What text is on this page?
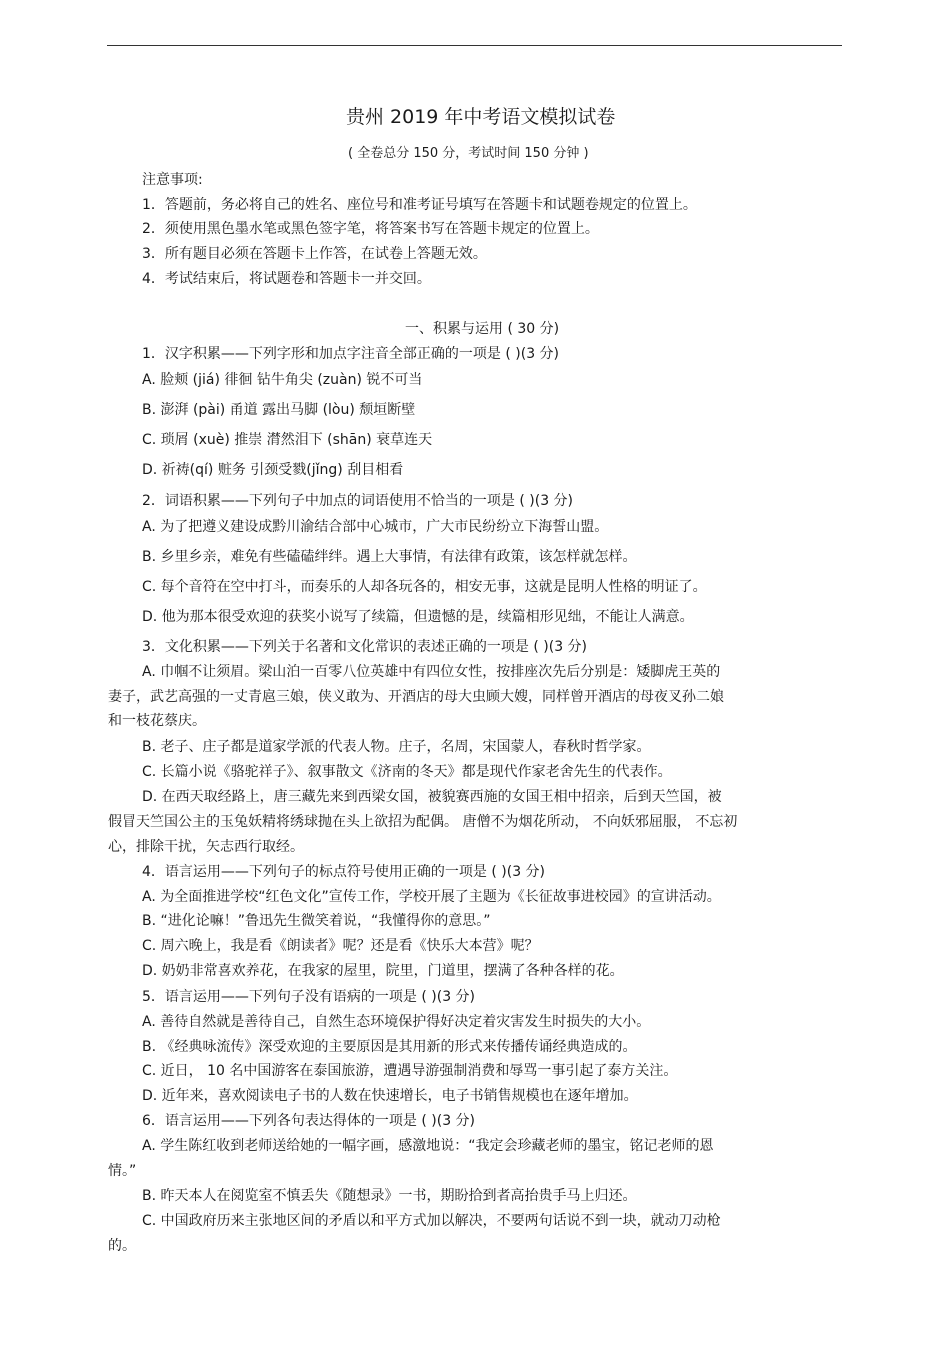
贵州 2019 年中考语文模拟试卷
( 全卷总分 150 分，考试时间 150 分钟 )
注意事项:
1．答题前，务必将自己的姓名、座位号和准考证号填写在答题卡和试题卷规定的位置上。
2．须使用黑色墨水笔或黑色签字笔，将答案书写在答题卡规定的位置上。
3．所有题目必须在答题卡上作答，在试卷上答题无效。
4．考试结束后，将试题卷和答题卡一并交回。
一、积累与运用 ( 30 分)
1．汉字积累——下列字形和加点字注音全部正确的一项是 ( )(3 分)
A. 脸颊 (jiá) 徘徊 钻牛角尖 (zuàn) 锐不可当
B. 澎湃 (pài) 甬道 露出马脚 (lòu) 颓垣断壁
C. 琐屑 (xuè) 推崇 潸然泪下 (shān) 衰草连天
D. 祈祷(qí) 赃务 引颈受戮(jǐng) 刮目相看
2．词语积累——下列句子中加点的词语使用不恰当的一项是 ( )(3 分)
A. 为了把遵义建设成黔川渝结合部中心城市，广大市民纷纷立下海誓山盟。
B. 乡里乡亲，难免有些磕磕绊绊。遇上大事情，有法律有政策，该怎样就怎样。
C. 每个音符在空中打斗，而奏乐的人却各玩各的，相安无事，这就是昆明人性格的明证了。
D. 他为那本很受欢迎的获奖小说写了续篇，但遗憾的是，续篇相形见绌，不能让人满意。
3．文化积累——下列关于名著和文化常识的表述正确的一项是 ( )(3 分)
A. 巾帼不让须眉。梁山泊一百零八位英雄中有四位女性，按排座次先后分别是：矮脚虎王英的
妻子，武艺高强的一丈青扈三娘，侠义敢为、开酒店的母大虫顾大嫂，同样曾开酒店的母夜叉孙二娘
和一枝花蔡庆。
B. 老子、庄子都是道家学派的代表人物。庄子，名周，宋国蒙人，春秋时哲学家。
C. 长篇小说《骆驼祥子》、叙事散文《济南的冬天》都是现代作家老舍先生的代表作。
D. 在西天取经路上，唐三藏先来到西梁女国，被貌赛西施的女国王相中招亲，后到天竺国，被
假冒天竺国公主的玉兔妖精将绣球抛在头上欲招为配偶。 唐僧不为烟花所动， 不向妖邪屈服， 不忘初
心，排除干扰，矢志西行取经。
4．语言运用——下列句子的标点符号使用正确的一项是 ( )(3 分)
A. 为全面推进学校“红色文化”宣传工作，学校开展了主题为《长征故事进校园》的宣讲活动。
B. “进化论嘛！”鲁迅先生微笑着说，“我懂得你的意思。”
C. 周六晚上，我是看《朗读者》呢？还是看《快乐大本营》呢？
D. 奶奶非常喜欢养花，在我家的屋里，院里，门道里，摆满了各种各样的花。
5．语言运用——下列句子没有语病的一项是 ( )(3 分)
A. 善待自然就是善待自己，自然生态环境保护得好决定着灾害发生时损失的大小。
B. 《经典咏流传》深受欢迎的主要原因是其用新的形式来传播传诵经典造成的。
C. 近日， 10 名中国游客在泰国旅游，遭遇导游强制消费和辱骂一事引起了泰方关注。
D. 近年来，喜欢阅读电子书的人数在快速增长，电子书销售规模也在逐年增加。
6．语言运用——下列各句表达得体的一项是 ( )(3 分)
A. 学生陈红收到老师送给她的一幅字画，感激地说：“我定会珍藏老师的墨宝，铭记老师的恩
情。”
B. 昨天本人在阅览室不慎丢失《随想录》一书，期盼拾到者高抬贵手马上归还。
C. 中国政府历来主张地区间的矛盾以和平方式加以解决，不要两句话说不到一块，就动刀动枪
的。
